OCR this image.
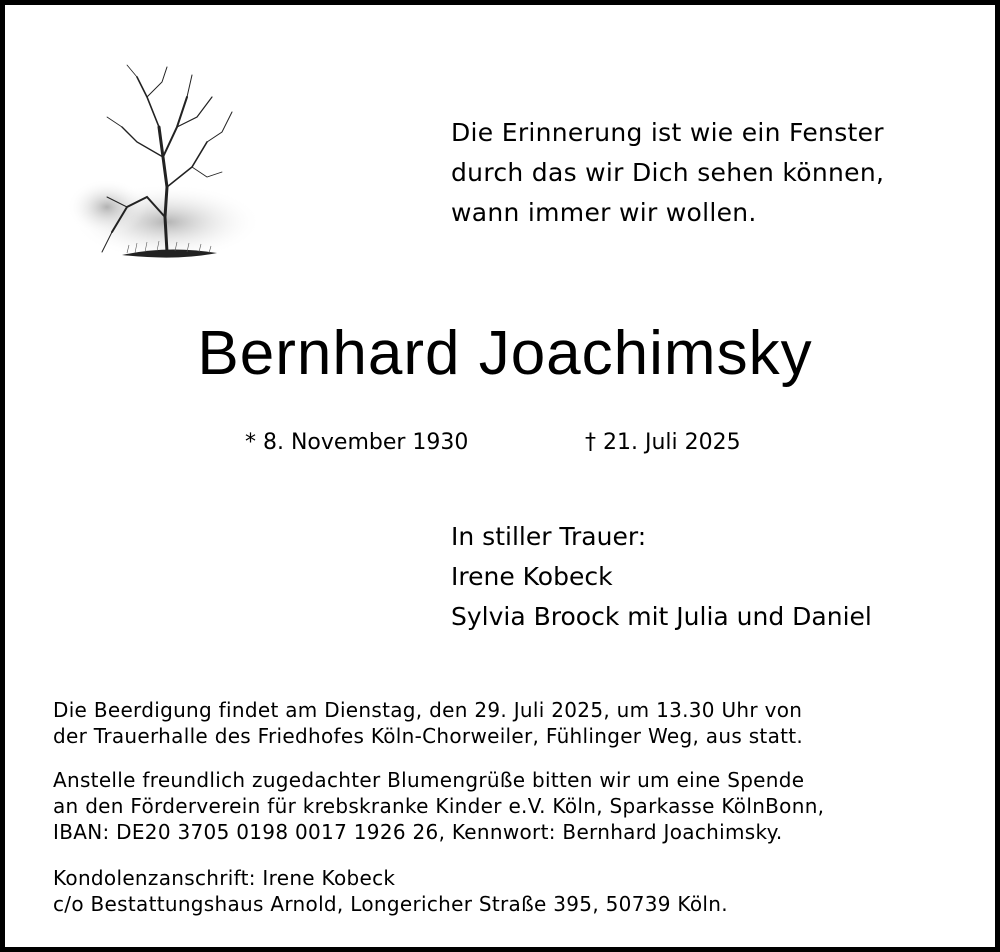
Die Erinnerung ist wie ein Fenster
durch das wir Dich sehen können,
wann immer wir wollen.
Bernhard Joachimsky
* 8. November 1930	† 21. Juli 2025
In stiller Trauer:
Irene Kobeck
Sylvia Broock mit Julia und Daniel
Die Beerdigung findet am Dienstag, den 29. Juli 2025, um 13.30 Uhr von
der Trauerhalle des Friedhofes Köln-Chorweiler, Fühlinger Weg, aus statt.
Anstelle freundlich zugedachter Blumengrüße bitten wir um eine Spende
an den Förderverein für krebskranke Kinder e.V. Köln, Sparkasse KölnBonn,
IBAN: DE20 3705 0198 0017 1926 26, Kennwort: Bernhard Joachimsky.
Kondolenzanschrift: Irene Kobeck
c/o Bestattungshaus Arnold, Longericher Straße 395, 50739 Köln.
